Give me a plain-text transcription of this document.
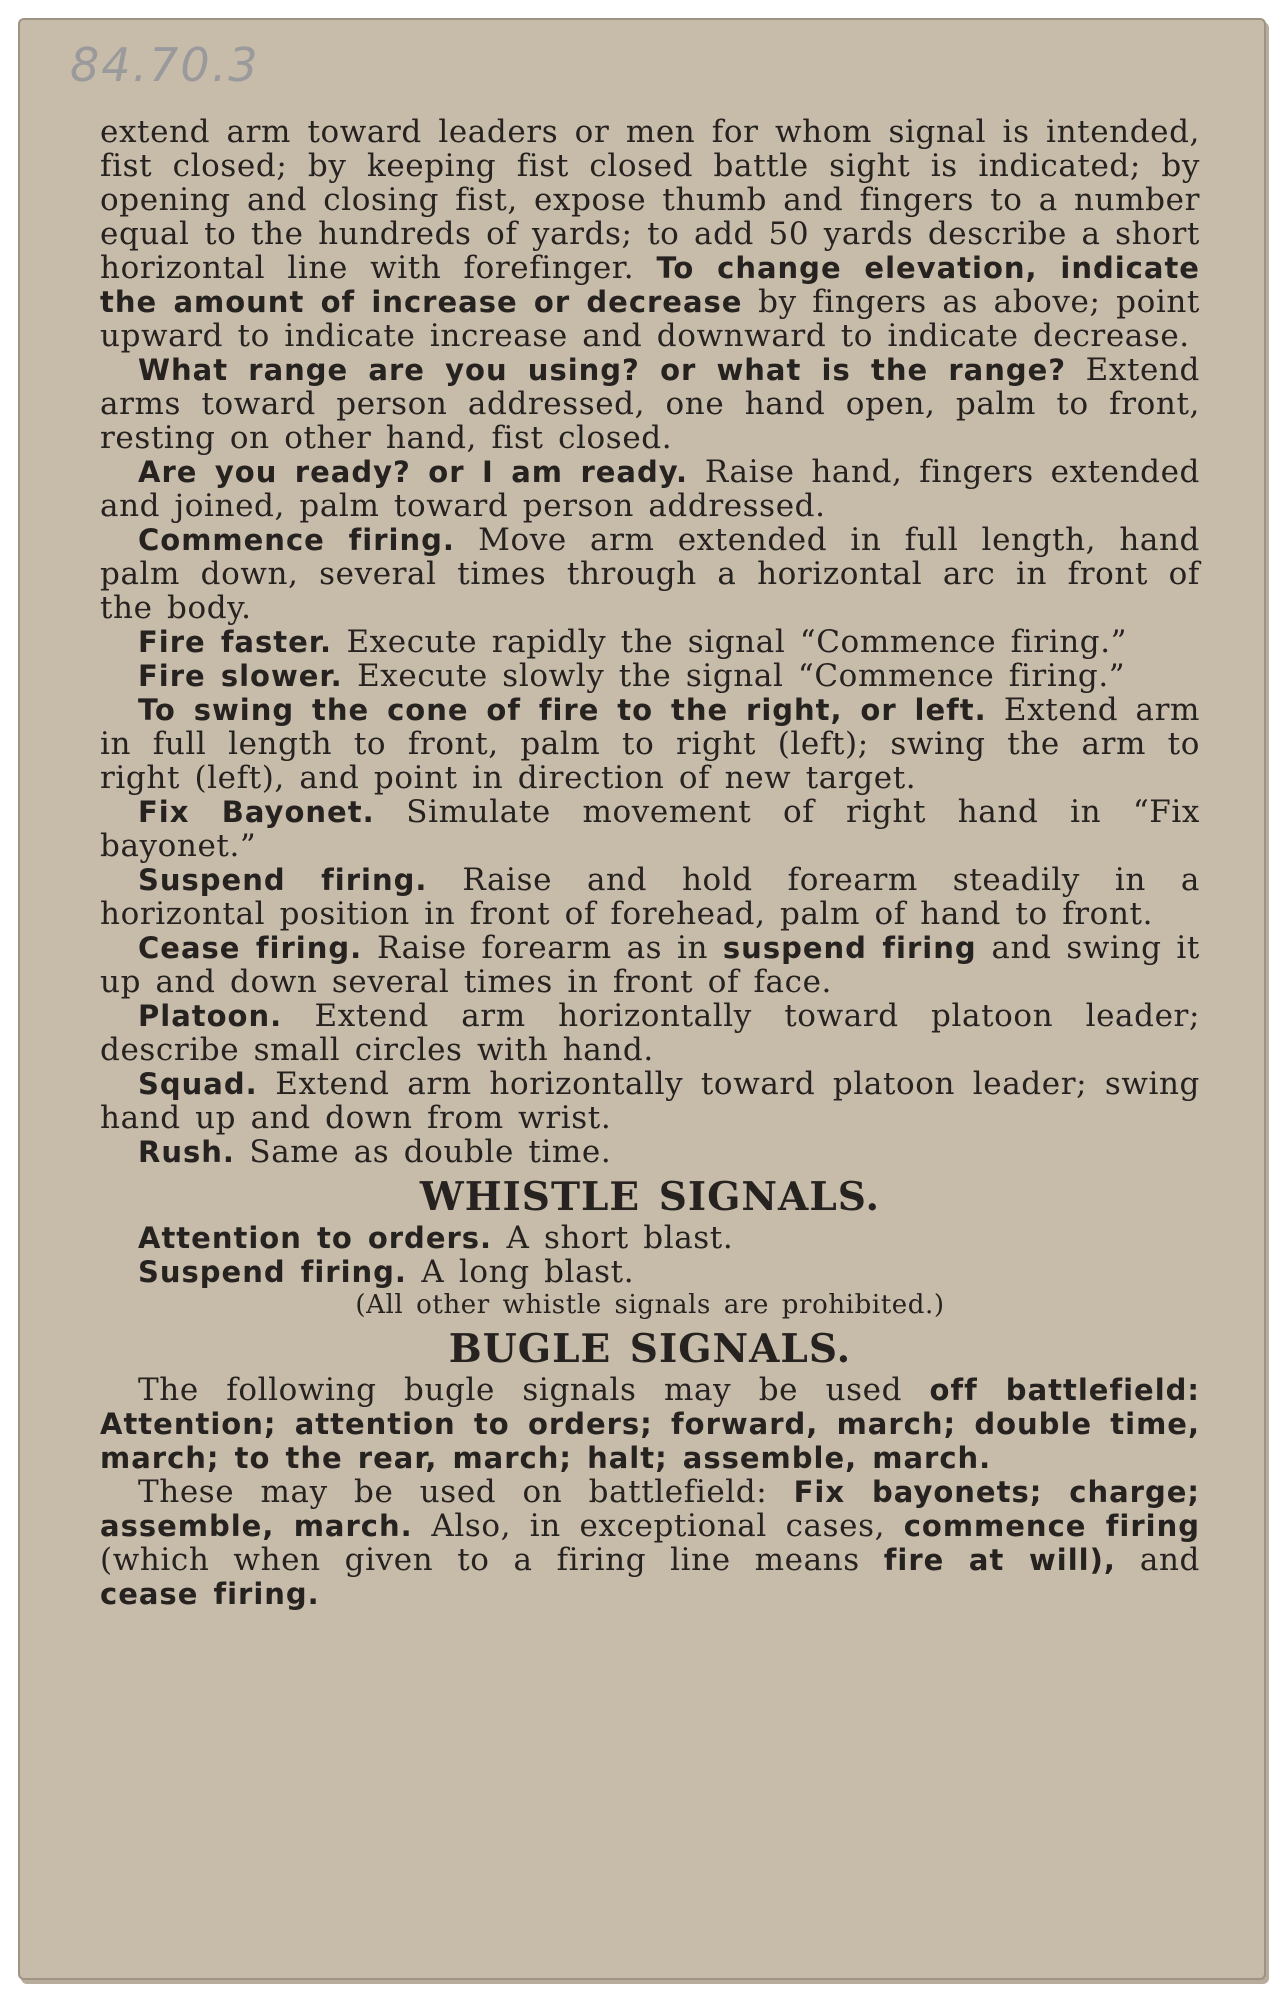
84.70.3

extend arm toward leaders or men for whom signal is intended, fist closed; by keeping fist closed battle sight is indicated; by opening and closing fist, expose thumb and fingers to a number equal to the hundreds of yards; to add 50 yards describe a short horizontal line with forefinger. To change elevation, indicate the amount of increase or decrease by fingers as above; point upward to indicate increase and downward to indicate decrease.

What range are you using? or what is the range? Extend arms toward person addressed, one hand open, palm to front, resting on other hand, fist closed.

Are you ready? or I am ready. Raise hand, fingers extended and joined, palm toward person addressed.

Commence firing. Move arm extended in full length, hand palm down, several times through a horizontal arc in front of the body.

Fire faster. Execute rapidly the signal “Commence firing.”

Fire slower. Execute slowly the signal “Commence firing.”

To swing the cone of fire to the right, or left. Extend arm in full length to front, palm to right (left); swing the arm to right (left), and point in direction of new target.

Fix Bayonet. Simulate movement of right hand in “Fix bayonet.”

Suspend firing. Raise and hold forearm steadily in a horizontal position in front of forehead, palm of hand to front.

Cease firing. Raise forearm as in suspend firing and swing it up and down several times in front of face.

Platoon. Extend arm horizontally toward platoon leader; describe small circles with hand.

Squad. Extend arm horizontally toward platoon leader; swing hand up and down from wrist.

Rush. Same as double time.

WHISTLE SIGNALS.

Attention to orders. A short blast.

Suspend firing. A long blast.

(All other whistle signals are prohibited.)

BUGLE SIGNALS.

The following bugle signals may be used off battlefield: Attention; attention to orders; forward, march; double time, march; to the rear, march; halt; assemble, march.

These may be used on battlefield: Fix bayonets; charge; assemble, march. Also, in exceptional cases, commence firing (which when given to a firing line means fire at will), and cease firing.
